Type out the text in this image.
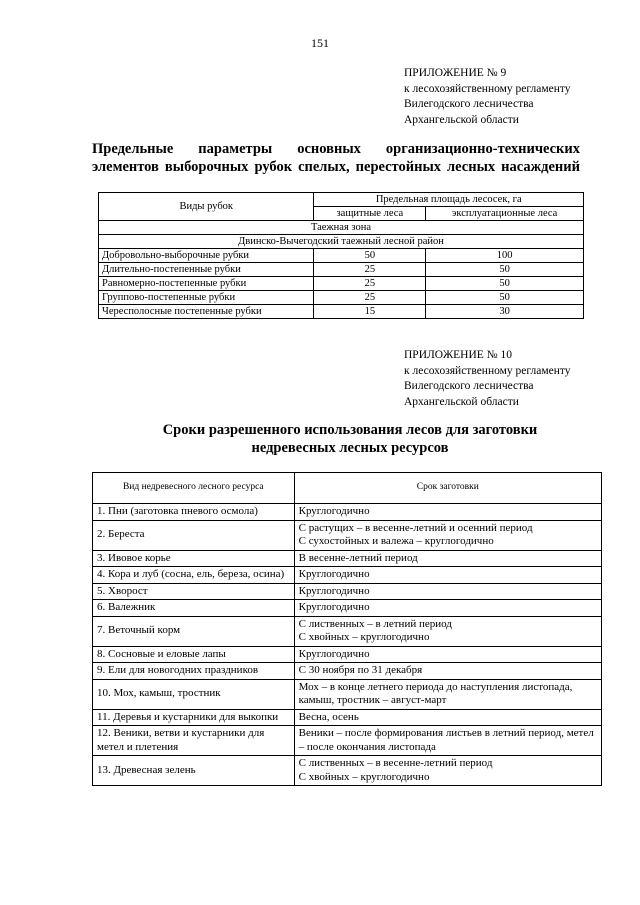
151
ПРИЛОЖЕНИЕ № 9
к лесохозяйственному регламенту
Вилегодского лесничества
Архангельской области
Предельные параметры основных организационно-технических элементов выборочных рубок спелых, перестойных лесных насаждений
Виды рубок	Предельная площадь лесосек, га	
	защитные леса	эксплуатационные леса
Таежная зона		
Двинско-Вычегодский таежный лесной район		
Добровольно-выборочные рубки	50	100
Длительно-постепенные рубки	25	50
Равномерно-постепенные рубки	25	50
Группово-постепенные рубки	25	50
Чересполосные постепенные рубки	15	30
ПРИЛОЖЕНИЕ № 10
к лесохозяйственному регламенту
Вилегодского лесничества
Архангельской области
Сроки разрешенного использования лесов для заготовки
недревесных лесных ресурсов
Вид недревесного лесного ресурса	Срок заготовки
1. Пни (заготовка пневого осмола)	Круглогодично

2. Береста	С растущих – в весенне-летний и осенний период
С сухостойных и валежа – круглогодично

3. Ивовое корье	В весенне-летний период

4. Кора и луб (сосна, ель, береза, осина)	Круглогодично

5. Хворост	Круглогодично

6. Валежник	Круглогодично

7. Веточный корм	С лиственных – в летний период
С хвойных – круглогодично

8. Сосновые и еловые лапы	Круглогодично

9. Ели для новогодних праздников	С 30 ноября по 31 декабря

10. Мох, камыш, тростник	Мох – в конце летнего периода до наступления листопада, камыш, тростник – август-март

11. Деревья и кустарники для выкопки	Весна, осень

12. Веники, ветви и кустарники для метел и плетения	Веники – после формирования листьев в летний период, метел – после окончания листопада

13. Древесная зелень	С лиственных – в весенне-летний период
С хвойных – круглогодично
